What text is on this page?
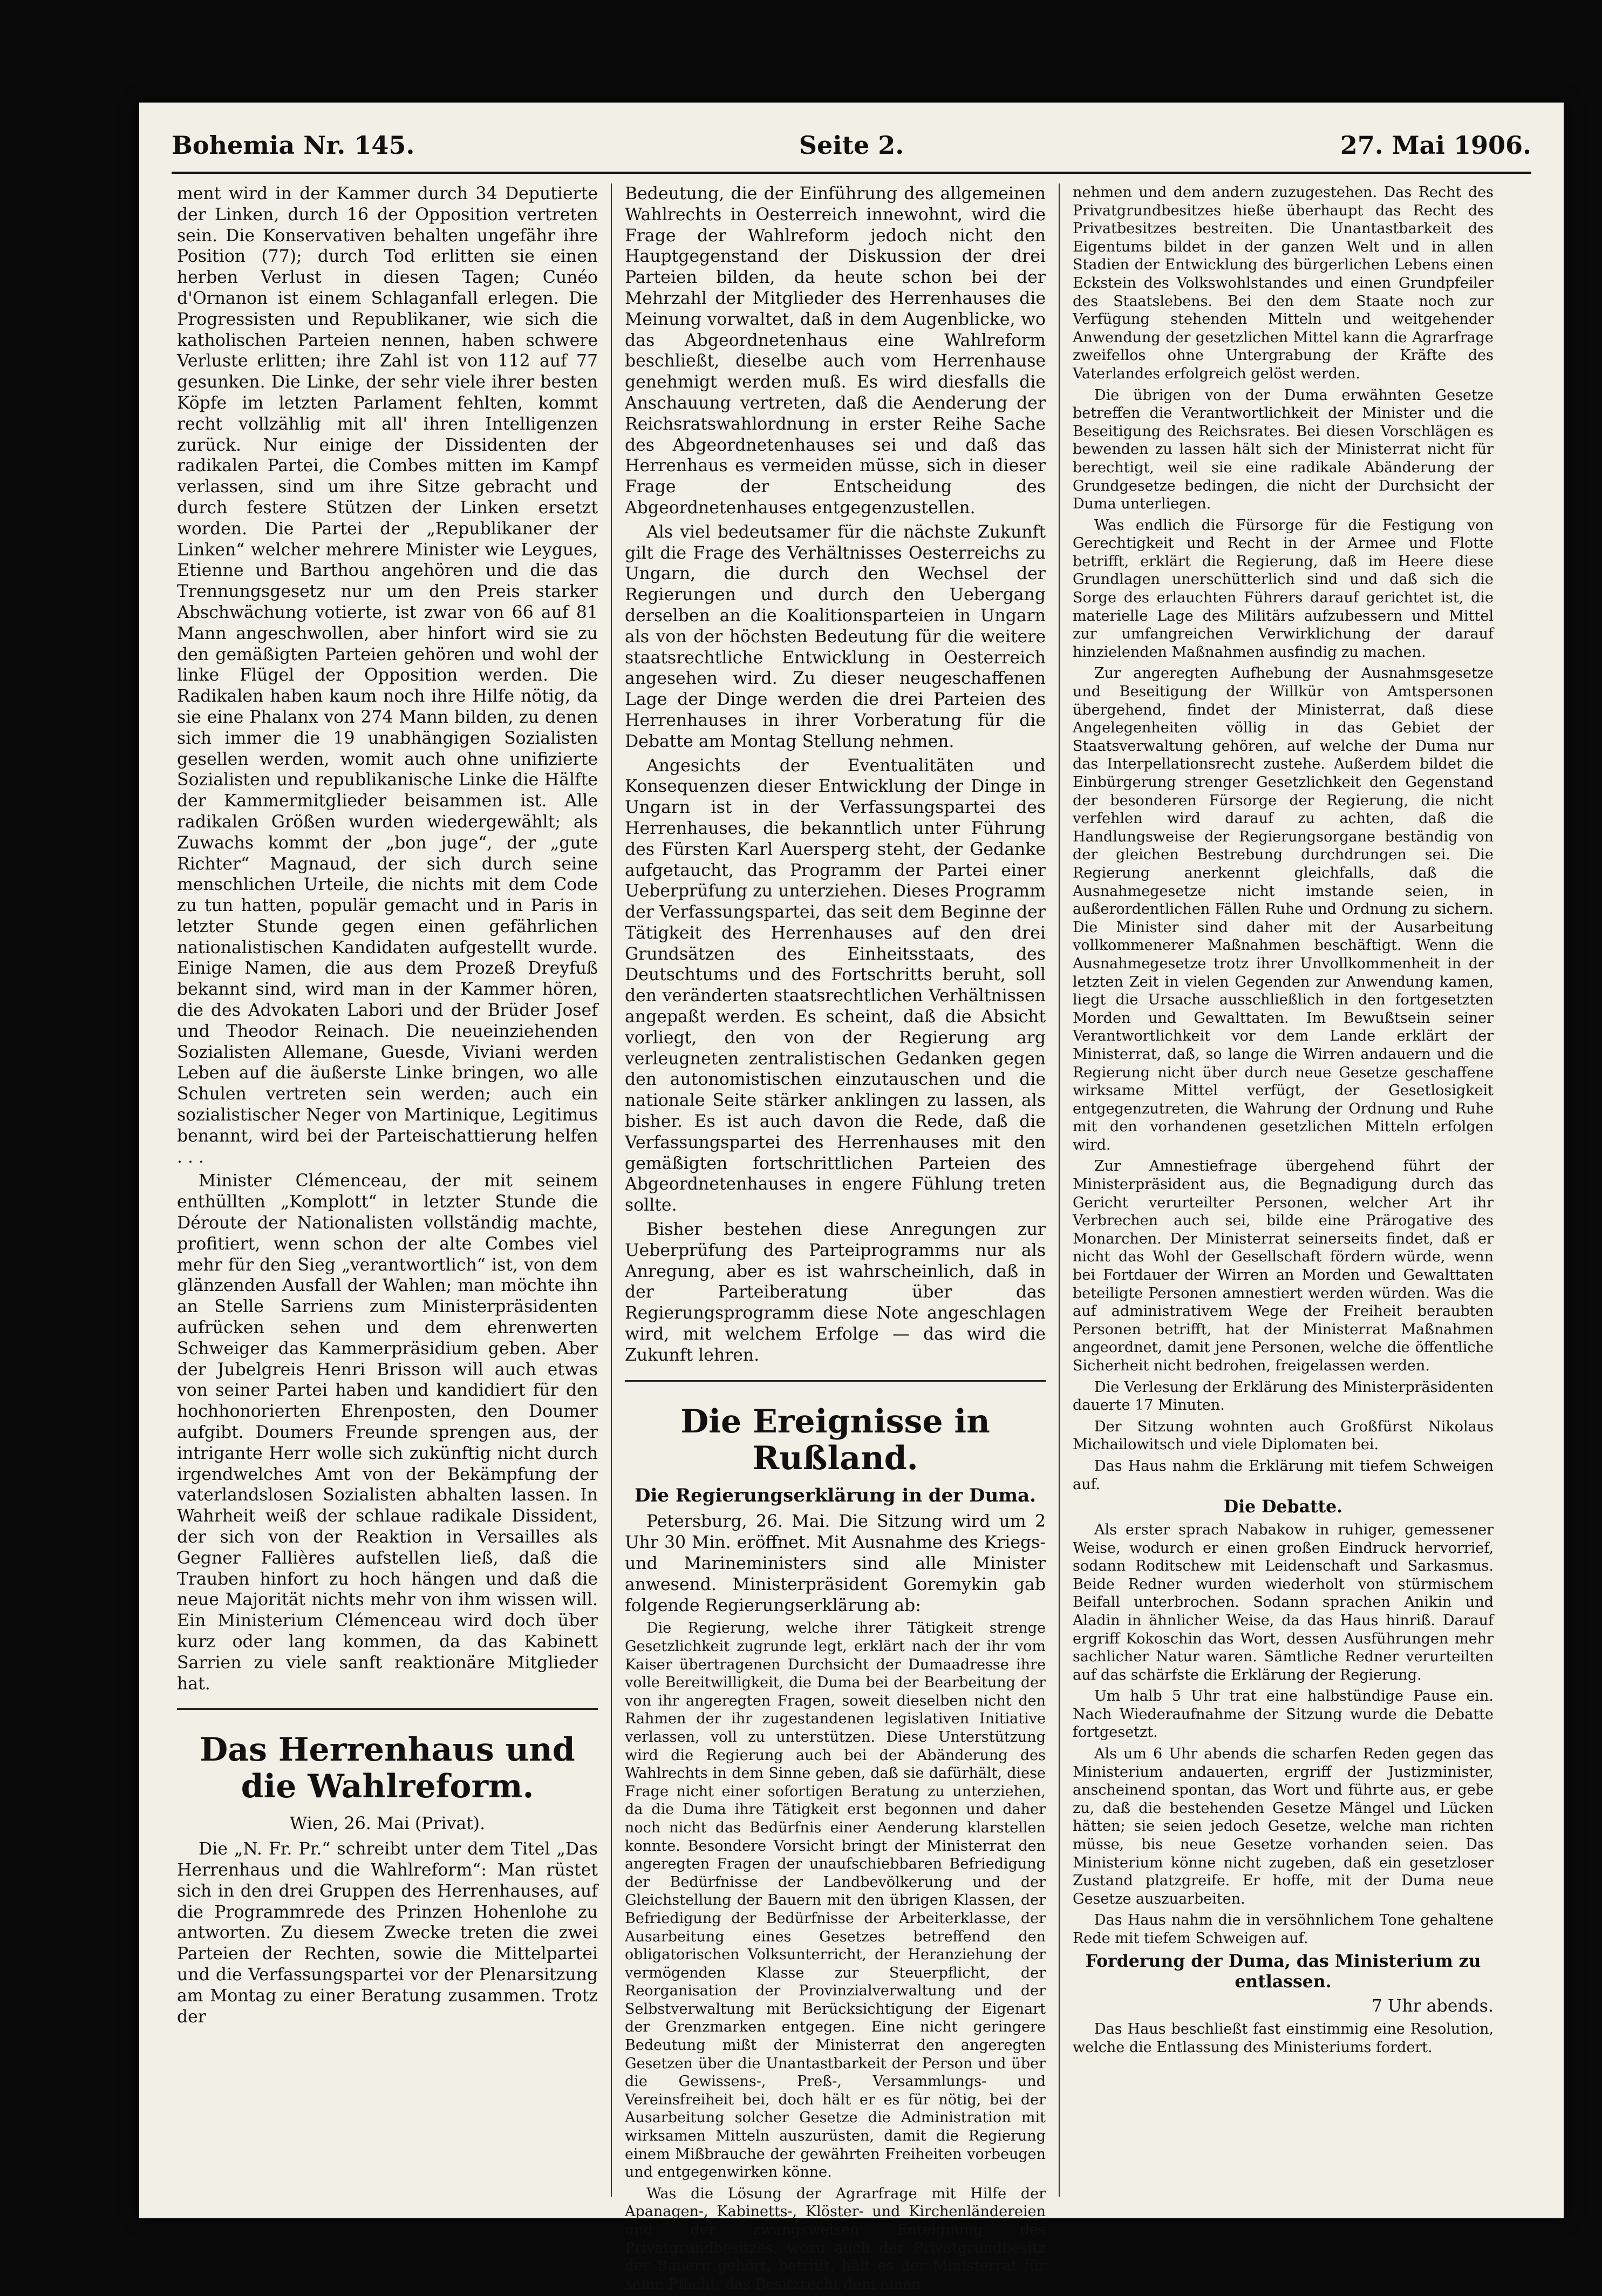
Bohemia Nr. 145.	Seite 2.	27. Mai 1906.

ment wird in der Kammer durch 34 Deputierte der Linken, durch 16 der Opposition vertreten sein. Die Konservativen behalten ungefähr ihre Position (77); durch Tod erlitten sie einen herben Verlust in diesen Tagen; Cunéo d'Ornanon ist einem Schlaganfall erlegen. Die Progressisten und Republikaner, wie sich die katholischen Parteien nennen, haben schwere Verluste erlitten; ihre Zahl ist von 112 auf 77 gesunken. Die Linke, der sehr viele ihrer besten Köpfe im letzten Parlament fehlten, kommt recht vollzählig mit all' ihren Intelligenzen zurück. Nur einige der Dissidenten der radikalen Partei, die Combes mitten im Kampf verlassen, sind um ihre Sitze gebracht und durch festere Stützen der Linken ersetzt worden. Die Partei der „Republikaner der Linken“ welcher mehrere Minister wie Leygues, Etienne und Barthou angehören und die das Trennungsgesetz nur um den Preis starker Abschwächung votierte, ist zwar von 66 auf 81 Mann angeschwollen, aber hinfort wird sie zu den gemäßigten Parteien gehören und wohl der linke Flügel der Opposition werden. Die Radikalen haben kaum noch ihre Hilfe nötig, da sie eine Phalanx von 274 Mann bilden, zu denen sich immer die 19 unabhängigen Sozialisten gesellen werden, womit auch ohne unifizierte Sozialisten und republikanische Linke die Hälfte der Kammermitglieder beisammen ist. Alle radikalen Größen wurden wiedergewählt; als Zuwachs kommt der „bon juge“, der „gute Richter“ Magnaud, der sich durch seine menschlichen Urteile, die nichts mit dem Code zu tun hatten, populär gemacht und in Paris in letzter Stunde gegen einen gefährlichen nationalistischen Kandidaten aufgestellt wurde. Einige Namen, die aus dem Prozeß Dreyfuß bekannt sind, wird man in der Kammer hören, die des Advokaten Labori und der Brüder Josef und Theodor Reinach. Die neueinziehenden Sozialisten Allemane, Guesde, Viviani werden Leben auf die äußerste Linke bringen, wo alle Schulen vertreten sein werden; auch ein sozialistischer Neger von Martinique, Legitimus benannt, wird bei der Parteischattierung helfen . . .

Minister Clémenceau, der mit seinem enthüllten „Komplott“ in letzter Stunde die Déroute der Nationalisten vollständig machte, profitiert, wenn schon der alte Combes viel mehr für den Sieg „verantwortlich“ ist, von dem glänzenden Ausfall der Wahlen; man möchte ihn an Stelle Sarriens zum Ministerpräsidenten aufrücken sehen und dem ehrenwerten Schweiger das Kammerpräsidium geben. Aber der Jubelgreis Henri Brisson will auch etwas von seiner Partei haben und kandidiert für den hochhonorierten Ehrenposten, den Doumer aufgibt. Doumers Freunde sprengen aus, der intrigante Herr wolle sich zukünftig nicht durch irgendwelches Amt von der Bekämpfung der vaterlandslosen Sozialisten abhalten lassen. In Wahrheit weiß der schlaue radikale Dissident, der sich von der Reaktion in Versailles als Gegner Fallières aufstellen ließ, daß die Trauben hinfort zu hoch hängen und daß die neue Majorität nichts mehr von ihm wissen will. Ein Ministerium Clémenceau wird doch über kurz oder lang kommen, da das Kabinett Sarrien zu viele sanft reaktionäre Mitglieder hat.

Das Herrenhaus und die Wahlreform.

Wien, 26. Mai (Privat).

Die „N. Fr. Pr.“ schreibt unter dem Titel „Das Herrenhaus und die Wahlreform“: Man rüstet sich in den drei Gruppen des Herrenhauses, auf die Programmrede des Prinzen Hohenlohe zu antworten. Zu diesem Zwecke treten die zwei Parteien der Rechten, sowie die Mittelpartei und die Verfassungspartei vor der Plenarsitzung am Montag zu einer Beratung zusammen. Trotz der

Bedeutung, die der Einführung des allgemeinen Wahlrechts in Oesterreich innewohnt, wird die Frage der Wahlreform jedoch nicht den Hauptgegenstand der Diskussion der drei Parteien bilden, da heute schon bei der Mehrzahl der Mitglieder des Herrenhauses die Meinung vorwaltet, daß in dem Augenblicke, wo das Abgeordnetenhaus eine Wahlreform beschließt, dieselbe auch vom Herrenhause genehmigt werden muß. Es wird diesfalls die Anschauung vertreten, daß die Aenderung der Reichsratswahlordnung in erster Reihe Sache des Abgeordnetenhauses sei und daß das Herrenhaus es vermeiden müsse, sich in dieser Frage der Entscheidung des Abgeordnetenhauses entgegenzustellen.

Als viel bedeutsamer für die nächste Zukunft gilt die Frage des Verhältnisses Oesterreichs zu Ungarn, die durch den Wechsel der Regierungen und durch den Uebergang derselben an die Koalitionsparteien in Ungarn als von der höchsten Bedeutung für die weitere staatsrechtliche Entwicklung in Oesterreich angesehen wird. Zu dieser neugeschaffenen Lage der Dinge werden die drei Parteien des Herrenhauses in ihrer Vorberatung für die Debatte am Montag Stellung nehmen.

Angesichts der Eventualitäten und Konsequenzen dieser Entwicklung der Dinge in Ungarn ist in der Verfassungspartei des Herrenhauses, die bekanntlich unter Führung des Fürsten Karl Auersperg steht, der Gedanke aufgetaucht, das Programm der Partei einer Ueberprüfung zu unterziehen. Dieses Programm der Verfassungspartei, das seit dem Beginne der Tätigkeit des Herrenhauses auf den drei Grundsätzen des Einheitsstaats, des Deutschtums und des Fortschritts beruht, soll den veränderten staatsrechtlichen Verhältnissen angepaßt werden. Es scheint, daß die Absicht vorliegt, den von der Regierung arg verleugneten zentralistischen Gedanken gegen den autonomistischen einzutauschen und die nationale Seite stärker anklingen zu lassen, als bisher. Es ist auch davon die Rede, daß die Verfassungspartei des Herrenhauses mit den gemäßigten fortschrittlichen Parteien des Abgeordnetenhauses in engere Fühlung treten sollte.

Bisher bestehen diese Anregungen zur Ueberprüfung des Parteiprogramms nur als Anregung, aber es ist wahrscheinlich, daß in der Parteiberatung über das Regierungsprogramm diese Note angeschlagen wird, mit welchem Erfolge — das wird die Zukunft lehren.

Die Ereignisse in Rußland.
Die Regierungserklärung in der Duma.

Petersburg, 26. Mai. Die Sitzung wird um 2 Uhr 30 Min. eröffnet. Mit Ausnahme des Kriegs- und Marineministers sind alle Minister anwesend. Ministerpräsident Goremykin gab folgende Regierungserklärung ab:

Die Regierung, welche ihrer Tätigkeit strenge Gesetzlichkeit zugrunde legt, erklärt nach der ihr vom Kaiser übertragenen Durchsicht der Dumaadresse ihre volle Bereitwilligkeit, die Duma bei der Bearbeitung der von ihr angeregten Fragen, soweit dieselben nicht den Rahmen der ihr zugestandenen legislativen Initiative verlassen, voll zu unterstützen. Diese Unterstützung wird die Regierung auch bei der Abänderung des Wahlrechts in dem Sinne geben, daß sie dafürhält, diese Frage nicht einer sofortigen Beratung zu unterziehen, da die Duma ihre Tätigkeit erst begonnen und daher noch nicht das Bedürfnis einer Aenderung klarstellen konnte. Besondere Vorsicht bringt der Ministerrat den angeregten Fragen der unaufschiebbaren Befriedigung der Bedürfnisse der Landbevölkerung und der Gleichstellung der Bauern mit den übrigen Klassen, der Befriedigung der Bedürfnisse der Arbeiterklasse, der Ausarbeitung eines Gesetzes betreffend den obligatorischen Volksunterricht, der Heranziehung der vermögenden Klasse zur Steuerpflicht, der Reorganisation der Provinzialverwaltung und der Selbstverwaltung mit Berücksichtigung der Eigenart der Grenzmarken entgegen. Eine nicht geringere Bedeutung mißt der Ministerrat den angeregten Gesetzen über die Unantastbarkeit der Person und über die Gewissens-, Preß-, Versammlungs- und Vereinsfreiheit bei, doch hält er es für nötig, bei der Ausarbeitung solcher Gesetze die Administration mit wirksamen Mitteln auszurüsten, damit die Regierung einem Mißbrauche der gewährten Freiheiten vorbeugen und entgegenwirken könne.

Was die Lösung der Agrarfrage mit Hilfe der Apanagen-, Kabinetts-, Klöster- und Kirchenländereien und der zwangsweisen Enteignung des Privatgrundbesitzes, wozu auch der Privatgrundbesitz der Bauern gehört, betrifft, hält es der Ministerrat für seine Pflicht, das Besitzrecht dem einen

nehmen und dem andern zuzugestehen. Das Recht des Privatgrundbesitzes hieße überhaupt das Recht des Privatbesitzes bestreiten. Die Unantastbarkeit des Eigentums bildet in der ganzen Welt und in allen Stadien der Entwicklung des bürgerlichen Lebens einen Eckstein des Volkswohlstandes und einen Grundpfeiler des Staatslebens. Bei den dem Staate noch zur Verfügung stehenden Mitteln und weitgehender Anwendung der gesetzlichen Mittel kann die Agrarfrage zweifellos ohne Untergrabung der Kräfte des Vaterlandes erfolgreich gelöst werden.

Die übrigen von der Duma erwähnten Gesetze betreffen die Verantwortlichkeit der Minister und die Beseitigung des Reichsrates. Bei diesen Vorschlägen es bewenden zu lassen hält sich der Ministerrat nicht für berechtigt, weil sie eine radikale Abänderung der Grundgesetze bedingen, die nicht der Durchsicht der Duma unterliegen.

Was endlich die Fürsorge für die Festigung von Gerechtigkeit und Recht in der Armee und Flotte betrifft, erklärt die Regierung, daß im Heere diese Grundlagen unerschütterlich sind und daß sich die Sorge des erlauchten Führers darauf gerichtet ist, die materielle Lage des Militärs aufzubessern und Mittel zur umfangreichen Verwirklichung der darauf hinzielenden Maßnahmen ausfindig zu machen.

Zur angeregten Aufhebung der Ausnahmsgesetze und Beseitigung der Willkür von Amtspersonen übergehend, findet der Ministerrat, daß diese Angelegenheiten völlig in das Gebiet der Staatsverwaltung gehören, auf welche der Duma nur das Interpellationsrecht zustehe. Außerdem bildet die Einbürgerung strenger Gesetzlichkeit den Gegenstand der besonderen Fürsorge der Regierung, die nicht verfehlen wird darauf zu achten, daß die Handlungsweise der Regierungsorgane beständig von der gleichen Bestrebung durchdrungen sei. Die Regierung anerkennt gleichfalls, daß die Ausnahmegesetze nicht imstande seien, in außerordentlichen Fällen Ruhe und Ordnung zu sichern. Die Minister sind daher mit der Ausarbeitung vollkommenerer Maßnahmen beschäftigt. Wenn die Ausnahmegesetze trotz ihrer Unvollkommenheit in der letzten Zeit in vielen Gegenden zur Anwendung kamen, liegt die Ursache ausschließlich in den fortgesetzten Morden und Gewalttaten. Im Bewußtsein seiner Verantwortlichkeit vor dem Lande erklärt der Ministerrat, daß, so lange die Wirren andauern und die Regierung nicht über durch neue Gesetze geschaffene wirksame Mittel verfügt, der Gesetlosigkeit entgegenzutreten, die Wahrung der Ordnung und Ruhe mit den vorhandenen gesetzlichen Mitteln erfolgen wird.

Zur Amnestiefrage übergehend führt der Ministerpräsident aus, die Begnadigung durch das Gericht verurteilter Personen, welcher Art ihr Verbrechen auch sei, bilde eine Prärogative des Monarchen. Der Ministerrat seinerseits findet, daß er nicht das Wohl der Gesellschaft fördern würde, wenn bei Fortdauer der Wirren an Morden und Gewalttaten beteiligte Personen amnestiert werden würden. Was die auf administrativem Wege der Freiheit beraubten Personen betrifft, hat der Ministerrat Maßnahmen angeordnet, damit jene Personen, welche die öffentliche Sicherheit nicht bedrohen, freigelassen werden.

Die Verlesung der Erklärung des Ministerpräsidenten dauerte 17 Minuten.

Der Sitzung wohnten auch Großfürst Nikolaus Michailowitsch und viele Diplomaten bei.

Das Haus nahm die Erklärung mit tiefem Schweigen auf.

Die Debatte.

Als erster sprach Nabakow in ruhiger, gemessener Weise, wodurch er einen großen Eindruck hervorrief, sodann Roditschew mit Leidenschaft und Sarkasmus. Beide Redner wurden wiederholt von stürmischem Beifall unterbrochen. Sodann sprachen Anikin und Aladin in ähnlicher Weise, da das Haus hinriß. Darauf ergriff Kokoschin das Wort, dessen Ausführungen mehr sachlicher Natur waren. Sämtliche Redner verurteilten auf das schärfste die Erklärung der Regierung.

Um halb 5 Uhr trat eine halbstündige Pause ein. Nach Wiederaufnahme der Sitzung wurde die Debatte fortgesetzt.

Als um 6 Uhr abends die scharfen Reden gegen das Ministerium andauerten, ergriff der Justizminister, anscheinend spontan, das Wort und führte aus, er gebe zu, daß die bestehenden Gesetze Mängel und Lücken hätten; sie seien jedoch Gesetze, welche man richten müsse, bis neue Gesetze vorhanden seien. Das Ministerium könne nicht zugeben, daß ein gesetzloser Zustand platzgreife. Er hoffe, mit der Duma neue Gesetze auszuarbeiten.

Das Haus nahm die in versöhnlichem Tone gehaltene Rede mit tiefem Schweigen auf.

Forderung der Duma, das Ministerium zu entlassen.

7 Uhr abends.

Das Haus beschließt fast einstimmig eine Resolution, welche die Entlassung des Ministeriums fordert.
